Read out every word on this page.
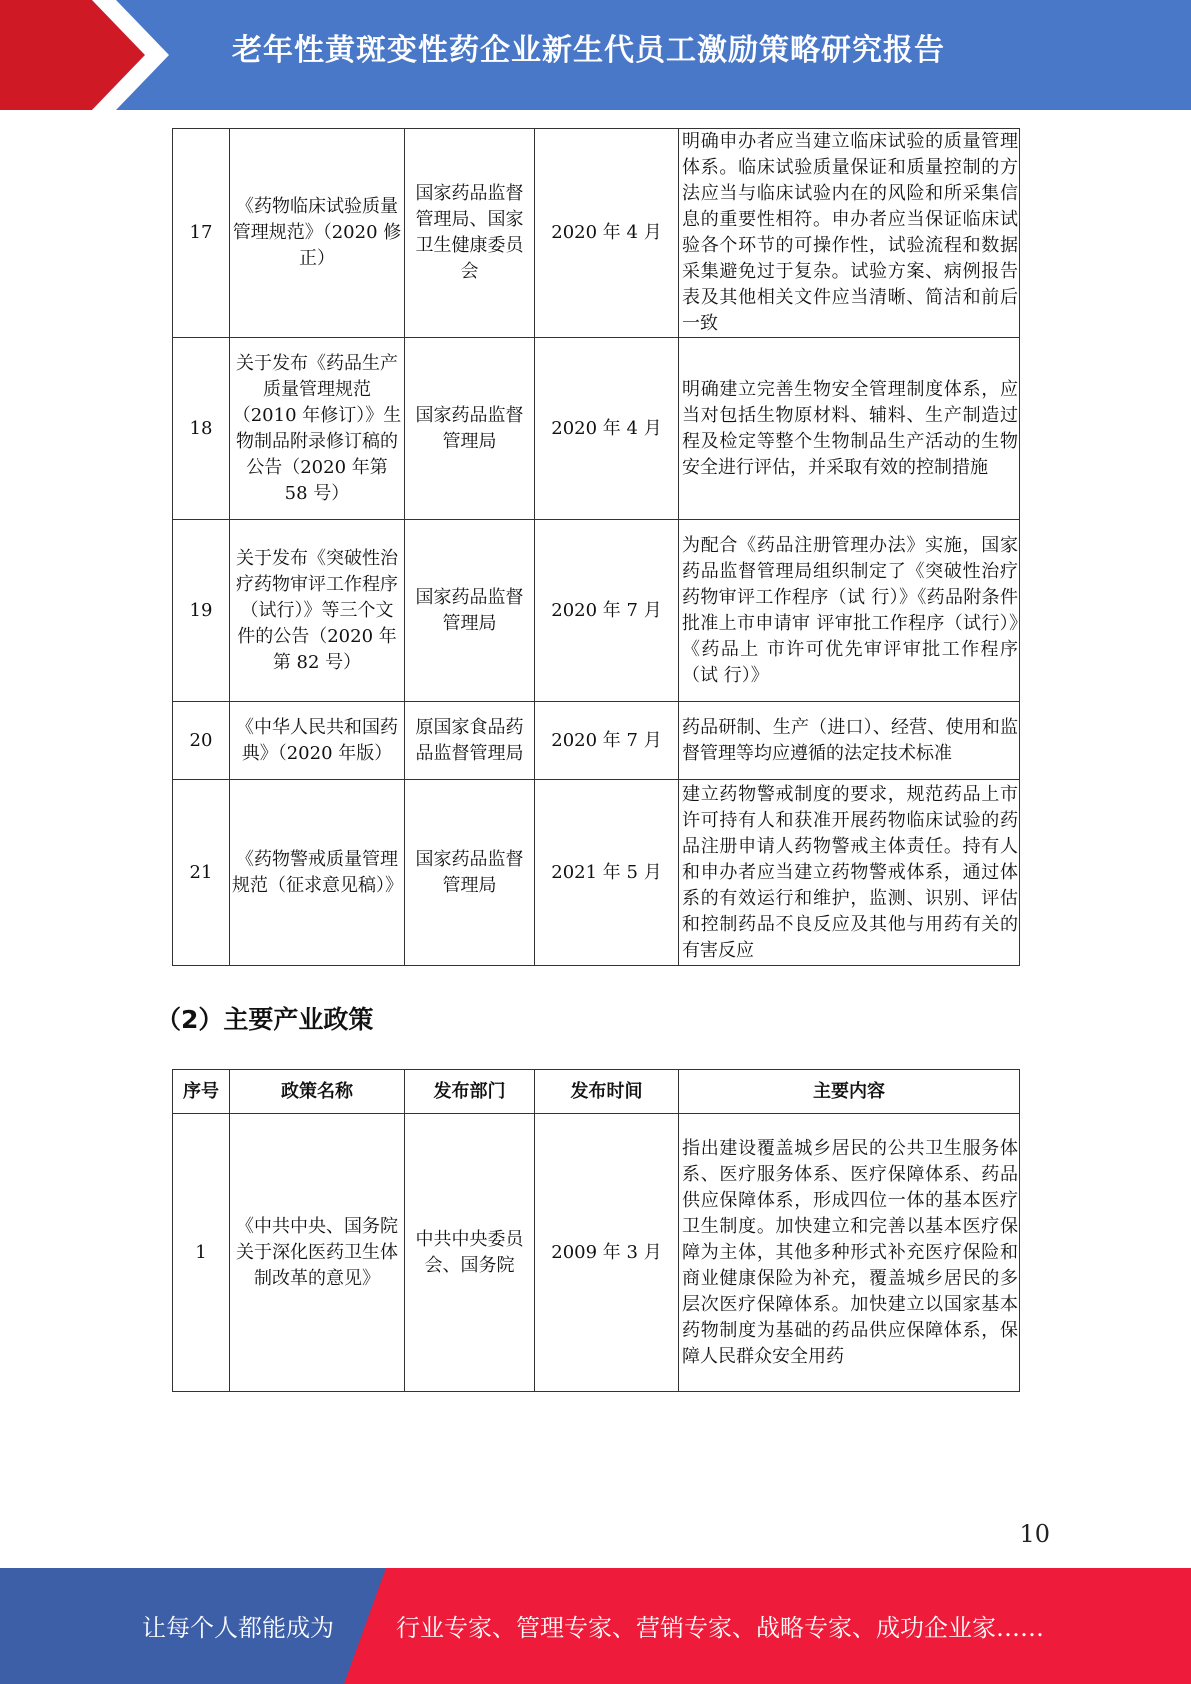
老年性黄斑变性药企业新生代员工激励策略研究报告
17	《药物临床试验质量管理规范》（2020 修正）	国家药品监督管理局、国家卫生健康委员会	2020 年 4 月	明确申办者应当建立临床试验的质量管理体系。临床试验质量保证和质量控制的方法应当与临床试验内在的风险和所采集信息的重要性相符。申办者应当保证临床试验各个环节的可操作性，试验流程和数据采集避免过于复杂。试验方案、病例报告表及其他相关文件应当清晰、简洁和前后一致
18	关于发布《药品生产质量管理规范（2010 年修订）》生物制品附录修订稿的公告（2020 年第 58 号）	国家药品监督管理局	2020 年 4 月	明确建立完善生物安全管理制度体系，应当对包括生物原材料、辅料、生产制造过程及检定等整个生物制品生产活动的生物安全进行评估，并采取有效的控制措施
19	关于发布《突破性治疗药物审评工作程序（试行）》等三个文件的公告（2020 年第 82 号）	国家药品监督管理局	2020 年 7 月	为配合《药品注册管理办法》实施，国家药品监督管理局组织制定了《突破性治疗药物审评工作程序（试 行）》《药品附条件批准上市申请审 评审批工作程序（试行）》《药品上 市许可优先审评审批工作程序（试 行）》
20	《中华人民共和国药典》（2020 年版）	原国家食品药品监督管理局	2020 年 7 月	药品研制、生产（进口）、经营、使用和监督管理等均应遵循的法定技术标准
21	《药物警戒质量管理规范（征求意见稿）》	国家药品监督管理局	2021 年 5 月	建立药物警戒制度的要求，规范药品上市许可持有人和获准开展药物临床试验的药品注册申请人药物警戒主体责任。持有人和申办者应当建立药物警戒体系，通过体系的有效运行和维护，监测、识别、评估和控制药品不良反应及其他与用药有关的有害反应
（2）主要产业政策
序号	政策名称	发布部门	发布时间	主要内容
1	《中共中央、国务院关于深化医药卫生体制改革的意见》	中共中央委员会、国务院	2009 年 3 月	指出建设覆盖城乡居民的公共卫生服务体系、医疗服务体系、医疗保障体系、药品供应保障体系，形成四位一体的基本医疗卫生制度。加快建立和完善以基本医疗保障为主体，其他多种形式补充医疗保险和商业健康保险为补充，覆盖城乡居民的多层次医疗保障体系。加快建立以国家基本药物制度为基础的药品供应保障体系，保 障人民群众安全用药
10
让每个人都能成为	行业专家、管理专家、营销专家、战略专家、成功企业家……
